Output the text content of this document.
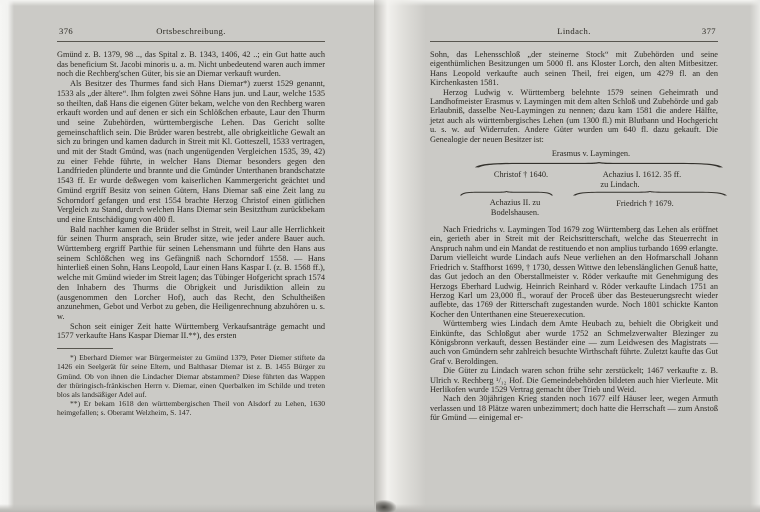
376	Ortsbeschreibung.

Gmünd z. B. 1379, 98 .., das Spital z. B. 1343, 1406, 42 ..; ein Gut hatte auch das beneficium St. Jacobi minoris u. a. m. Nicht unbedeutend waren auch immer noch die Rechberg'schen Güter, bis sie an Diemar verkauft wurden.

Als Besitzer des Thurmes fand sich Hans Diemar*) zuerst 1529 genannt, 1533 als „der ältere“. Ihm folgten zwei Söhne Hans jun. und Laur, welche 1535 so theilten, daß Hans die eigenen Güter bekam, welche von den Rechberg waren erkauft worden und auf denen er sich ein Schlößchen erbaute, Laur den Thurm und seine Zubehörden, württembergische Lehen. Das Gericht sollte gemeinschaftlich sein. Die Brüder waren bestrebt, alle obrigkeitliche Gewalt an sich zu bringen und kamen dadurch in Streit mit Kl. Gotteszell, 1533 vertragen, und mit der Stadt Gmünd, was (nach ungenügenden Vergleichen 1535, 39, 42) zu einer Fehde führte, in welcher Hans Diemar besonders gegen den Landfrieden plünderte und brannte und die Gmünder Unterthanen brandschatzte 1543 ff. Er wurde deßwegen vom kaiserlichen Kammergericht geächtet und Gmünd ergriff Besitz von seinen Gütern, Hans Diemar saß eine Zeit lang zu Schorndorf gefangen und erst 1554 brachte Herzog Christof einen gütlichen Vergleich zu Stand, durch welchen Hans Diemar sein Besitzthum zurückbekam und eine Entschädigung von 400 fl.

Bald nachher kamen die Brüder selbst in Streit, weil Laur alle Herrlichkeit für seinen Thurm ansprach, sein Bruder sitze, wie jeder andere Bauer auch. Württemberg ergriff Parthie für seinen Lehensmann und führte den Hans aus seinem Schlößchen weg ins Gefängniß nach Schorndorf 1558. — Hans hinterließ einen Sohn, Hans Leopold, Laur einen Hans Kaspar I. (z. B. 1568 ff.), welche mit Gmünd wieder im Streit lagen; das Tübinger Hofgericht sprach 1574 den Inhabern des Thurms die Obrigkeit und Jurisdiktion allein zu (ausgenommen den Lorcher Hof), auch das Recht, den Schultheißen anzunehmen, Gebot und Verbot zu geben, die Heiligenrechnung abzuhören u. s. w.

Schon seit einiger Zeit hatte Württemberg Verkaufsanträge gemacht und 1577 verkaufte Hans Kaspar Diemar II.**), des ersten

*) Eberhard Diemer war Bürgermeister zu Gmünd 1379, Peter Diemer stiftete da 1426 ein Seelgerät für seine Eltern, und Balthasar Diemar ist z. B. 1455 Bürger zu Gmünd. Ob von ihnen die Lindacher Diemar abstammen? Diese führten das Wappen der thüringisch-fränkischen Herrn v. Diemar, einen Querbalken im Schilde und treten blos als landsäßiger Adel auf.

**) Er bekam 1618 den württembergischen Theil von Alsdorf zu Lehen, 1630 heimgefallen; s. Oberamt Welzheim, S. 147.

Lindach.	377

Sohn, das Lehensschloß „der steinerne Stock“ mit Zubehörden und seine eigenthümlichen Besitzungen um 5000 fl. ans Kloster Lorch, den alten Mitbesitzer. Hans Leopold verkaufte auch seinen Theil, frei eigen, um 4279 fl. an den Kirchenkasten 1581.

Herzog Ludwig v. Württemberg belehnte 1579 seinen Geheimrath und Landhofmeister Erasmus v. Laymingen mit dem alten Schloß und Zubehörde und gab Erlaubniß, dasselbe Neu-Laymingen zu nennen; dazu kam 1581 die andere Hälfte, jetzt auch als württembergisches Lehen (um 1300 fl.) mit Blutbann und Hochgericht u. s. w. auf Widerrufen. Andere Güter wurden um 640 fl. dazu gekauft. Die Genealogie der neuen Besitzer ist:

Erasmus v. Laymingen.
Christof † 1640.	Achazius I. 1612. 35 ff.
zu Lindach.
Achazius II. zu
Bodelshausen.
Friedrich † 1679.

Nach Friedrichs v. Laymingen Tod 1679 zog Württemberg das Lehen als eröffnet ein, gerieth aber in Streit mit der Reichsritterschaft, welche das Steuerrecht in Anspruch nahm und ein Mandat de restituendo et non amplius turbando 1699 erlangte. Darum vielleicht wurde Lindach aufs Neue verliehen an den Hofmarschall Johann Friedrich v. Staffhorst 1699, † 1730, dessen Wittwe den lebenslänglichen Genuß hatte, das Gut jedoch an den Oberstallmeister v. Röder verkaufte mit Genehmigung des Herzogs Eberhard Ludwig. Heinrich Reinhard v. Röder verkaufte Lindach 1751 an Herzog Karl um 23,000 fl., worauf der Proceß über das Besteuerungsrecht wieder auflebte, das 1769 der Ritterschaft zugestanden wurde. Noch 1801 schickte Kanton Kocher den Unterthanen eine Steuerexecution.

Württemberg wies Lindach dem Amte Heubach zu, behielt die Obrigkeit und Einkünfte, das Schloßgut aber wurde 1752 an Schmelzverwalter Blezinger zu Königsbronn verkauft, dessen Beständer eine — zum Leidwesen des Magistrats — auch von Gmündern sehr zahlreich besuchte Wirthschaft führte. Zuletzt kaufte das Gut Graf v. Beroldingen.

Die Güter zu Lindach waren schon frühe sehr zerstückelt; 1467 verkaufte z. B. Ulrich v. Rechberg ¹/₁₂ Hof. Die Gemeindebehörden bildeten auch hier Vierleute. Mit Herlikofen wurde 1529 Vertrag gemacht über Trieb und Weid.

Nach den 30jährigen Krieg standen noch 1677 eilf Häuser leer, wegen Armuth verlassen und 18 Plätze waren unbezimmert; doch hatte die Herrschaft — zum Anstoß für Gmünd — einigemal er-
